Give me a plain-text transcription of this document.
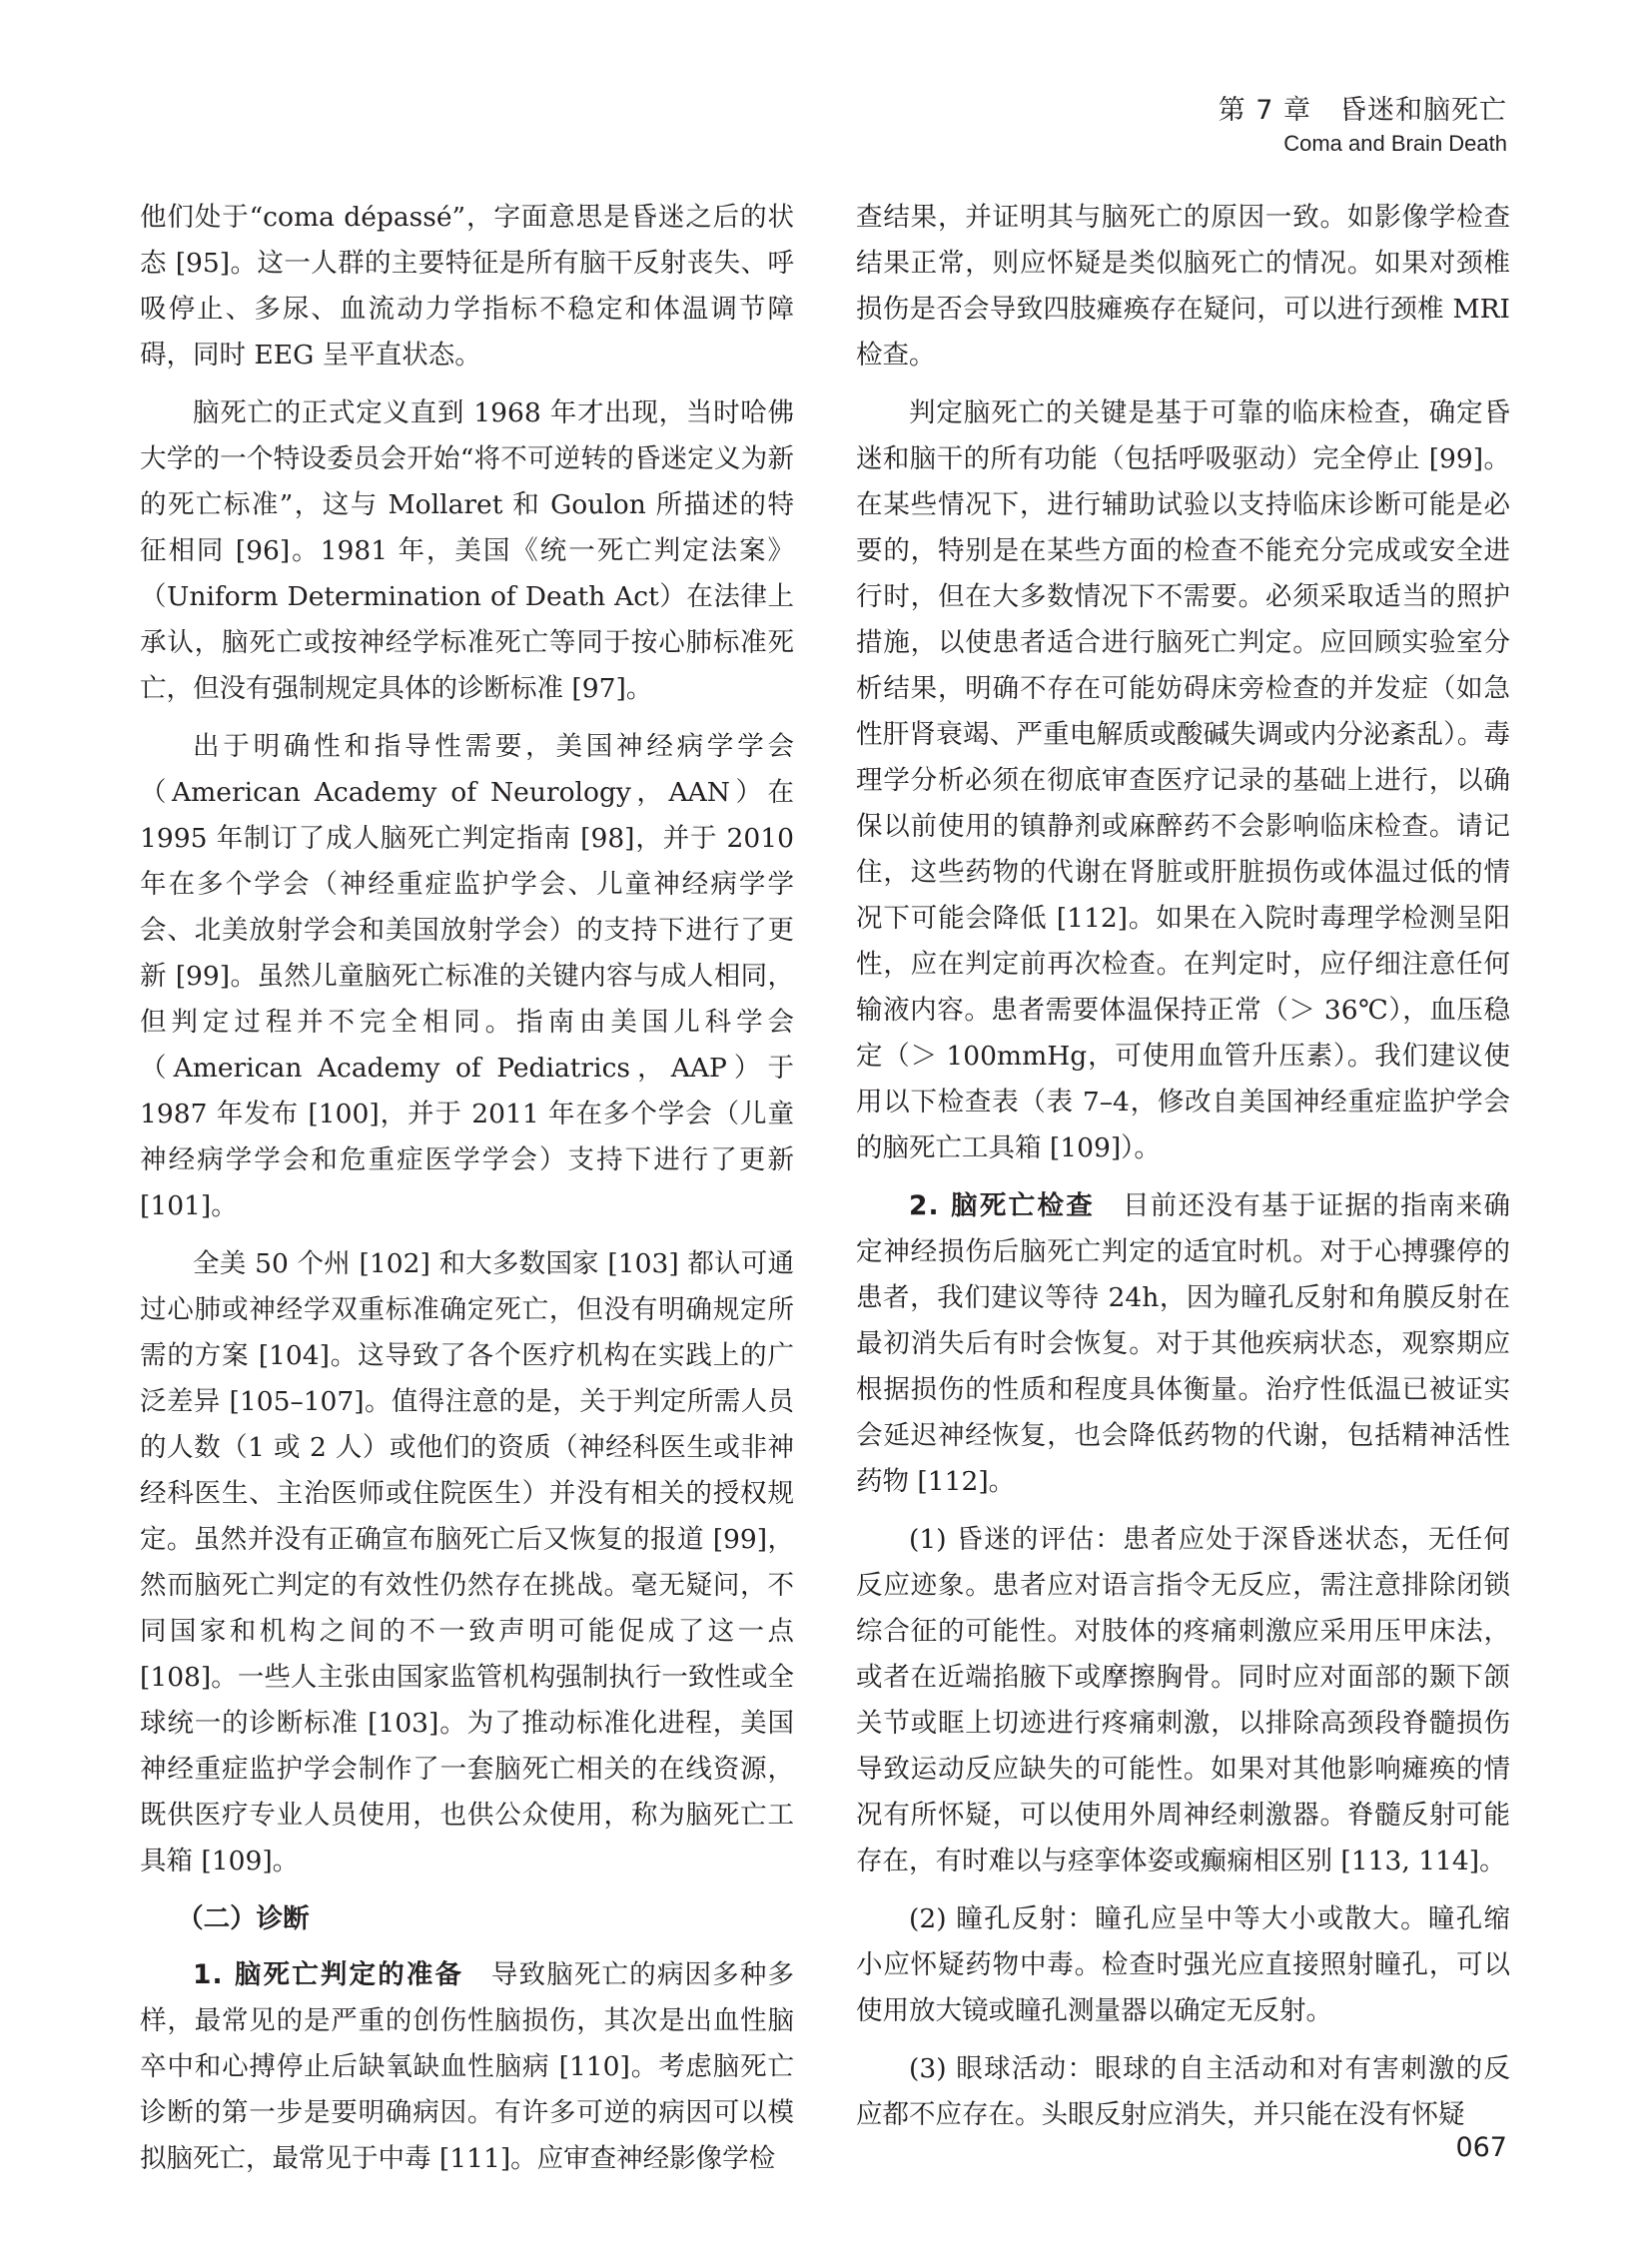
第 7 章　昏迷和脑死亡
Coma and Brain Death

他们处于“coma dépassé”，字面意思是昏迷之后的状态 [95]。这一人群的主要特征是所有脑干反射丧失、呼吸停止、多尿、血流动力学指标不稳定和体温调节障碍，同时 EEG 呈平直状态。

脑死亡的正式定义直到 1968 年才出现，当时哈佛大学的一个特设委员会开始“将不可逆转的昏迷定义为新的死亡标准”，这与 Mollaret 和 Goulon 所描述的特征相同 [96]。1981 年，美国《统一死亡判定法案》（Uniform Determination of Death Act）在法律上承认，脑死亡或按神经学标准死亡等同于按心肺标准死亡，但没有强制规定具体的诊断标准 [97]。

出于明确性和指导性需要，美国神经病学学会（American Academy of Neurology，AAN）在 1995 年制订了成人脑死亡判定指南 [98]，并于 2010 年在多个学会（神经重症监护学会、儿童神经病学学会、北美放射学会和美国放射学会）的支持下进行了更新 [99]。虽然儿童脑死亡标准的关键内容与成人相同，但判定过程并不完全相同。指南由美国儿科学会（American Academy of Pediatrics，AAP）于 1987 年发布 [100]，并于 2011 年在多个学会（儿童神经病学学会和危重症医学学会）支持下进行了更新 [101]。

全美 50 个州 [102] 和大多数国家 [103] 都认可通过心肺或神经学双重标准确定死亡，但没有明确规定所需的方案 [104]。这导致了各个医疗机构在实践上的广泛差异 [105–107]。值得注意的是，关于判定所需人员的人数（1 或 2 人）或他们的资质（神经科医生或非神经科医生、主治医师或住院医生）并没有相关的授权规定。虽然并没有正确宣布脑死亡后又恢复的报道 [99]，然而脑死亡判定的有效性仍然存在挑战。毫无疑问，不同国家和机构之间的不一致声明可能促成了这一点 [108]。一些人主张由国家监管机构强制执行一致性或全球统一的诊断标准 [103]。为了推动标准化进程，美国神经重症监护学会制作了一套脑死亡相关的在线资源，既供医疗专业人员使用，也供公众使用，称为脑死亡工具箱 [109]。

（二）诊断

1. 脑死亡判定的准备　导致脑死亡的病因多种多样，最常见的是严重的创伤性脑损伤，其次是出血性脑卒中和心搏停止后缺氧缺血性脑病 [110]。考虑脑死亡诊断的第一步是要明确病因。有许多可逆的病因可以模拟脑死亡，最常见于中毒 [111]。应审查神经影像学检

查结果，并证明其与脑死亡的原因一致。如影像学检查结果正常，则应怀疑是类似脑死亡的情况。如果对颈椎损伤是否会导致四肢瘫痪存在疑问，可以进行颈椎 MRI 检查。

判定脑死亡的关键是基于可靠的临床检查，确定昏迷和脑干的所有功能（包括呼吸驱动）完全停止 [99]。在某些情况下，进行辅助试验以支持临床诊断可能是必要的，特别是在某些方面的检查不能充分完成或安全进行时，但在大多数情况下不需要。必须采取适当的照护措施，以使患者适合进行脑死亡判定。应回顾实验室分析结果，明确不存在可能妨碍床旁检查的并发症（如急性肝肾衰竭、严重电解质或酸碱失调或内分泌紊乱）。毒理学分析必须在彻底审查医疗记录的基础上进行，以确保以前使用的镇静剂或麻醉药不会影响临床检查。请记住，这些药物的代谢在肾脏或肝脏损伤或体温过低的情况下可能会降低 [112]。如果在入院时毒理学检测呈阳性，应在判定前再次检查。在判定时，应仔细注意任何输液内容。患者需要体温保持正常（＞ 36℃），血压稳定（＞ 100mmHg，可使用血管升压素）。我们建议使用以下检查表（表 7–4，修改自美国神经重症监护学会的脑死亡工具箱 [109]）。

2. 脑死亡检查　目前还没有基于证据的指南来确定神经损伤后脑死亡判定的适宜时机。对于心搏骤停的患者，我们建议等待 24h，因为瞳孔反射和角膜反射在最初消失后有时会恢复。对于其他疾病状态，观察期应根据损伤的性质和程度具体衡量。治疗性低温已被证实会延迟神经恢复，也会降低药物的代谢，包括精神活性药物 [112]。

(1) 昏迷的评估：患者应处于深昏迷状态，无任何反应迹象。患者应对语言指令无反应，需注意排除闭锁综合征的可能性。对肢体的疼痛刺激应采用压甲床法，或者在近端掐腋下或摩擦胸骨。同时应对面部的颞下颌关节或眶上切迹进行疼痛刺激，以排除高颈段脊髓损伤导致运动反应缺失的可能性。如果对其他影响瘫痪的情况有所怀疑，可以使用外周神经刺激器。脊髓反射可能存在，有时难以与痉挛体姿或癫痫相区别 [113, 114]。

(2) 瞳孔反射：瞳孔应呈中等大小或散大。瞳孔缩小应怀疑药物中毒。检查时强光应直接照射瞳孔，可以使用放大镜或瞳孔测量器以确定无反射。

(3) 眼球活动：眼球的自主活动和对有害刺激的反应都不应存在。头眼反射应消失，并只能在没有怀疑

067
